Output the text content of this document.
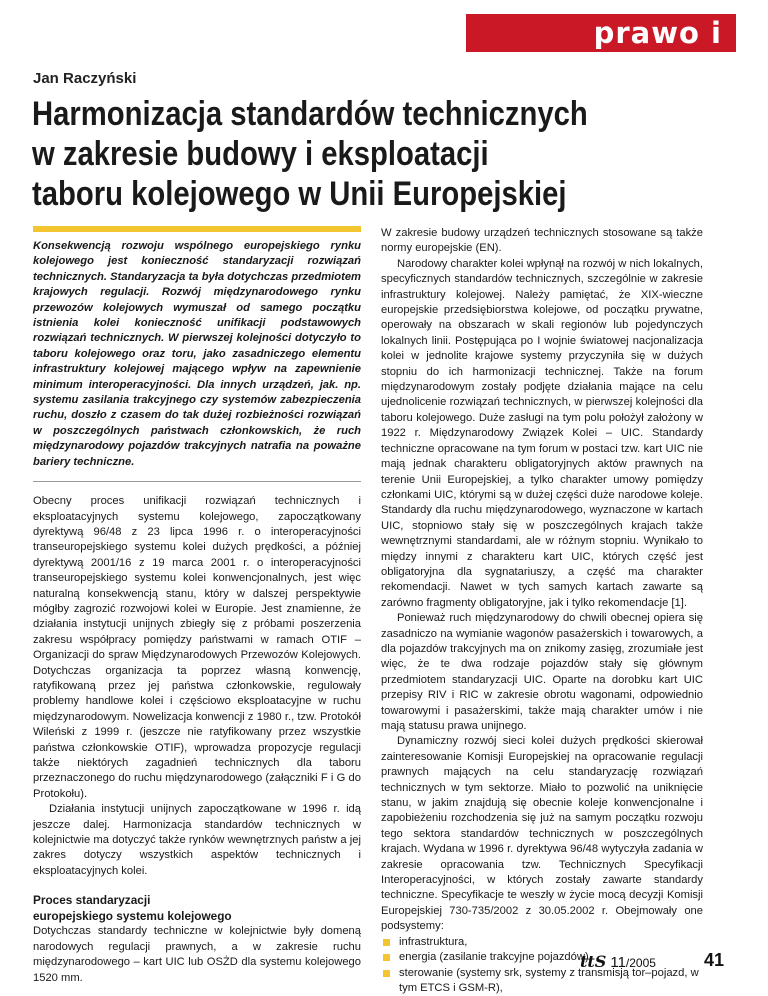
prawo i finanse
Jan Raczyński
Harmonizacja standardów technicznych
w zakresie budowy i eksploatacji
taboru kolejowego w Unii Europejskiej

Konsekwencją rozwoju wspólnego europejskiego rynku kolejowego jest konieczność standaryzacji rozwiązań technicznych. Standaryzacja ta była dotychczas przedmiotem krajowych regulacji. Rozwój międzynarodowego rynku przewozów kolejowych wymuszał od samego początku istnienia kolei konieczność unifikacji podstawowych rozwiązań technicznych. W pierwszej kolejności dotyczyło to taboru kolejowego oraz toru, jako zasadniczego elementu infrastruktury kolejowej mającego wpływ na zapewnienie minimum interoperacyjności. Dla innych urządzeń, jak. np. systemu zasilania trakcyjnego czy systemów zabezpieczenia ruchu, doszło z czasem do tak dużej rozbieżności rozwiązań w poszczególnych państwach członkowskich, że ruch międzynarodowy pojazdów trakcyjnych natrafia na poważne bariery techniczne.

Obecny proces unifikacji rozwiązań technicznych i eksploatacyjnych systemu kolejowego, zapoczątkowany dyrektywą 96/48 z 23 lipca 1996 r. o interoperacyjności transeuropejskiego systemu kolei dużych prędkości, a później dyrektywą 2001/16 z 19 marca 2001 r. o interoperacyjności transeuropejskiego systemu kolei konwencjonalnych, jest więc naturalną konsekwencją stanu, który w dalszej perspektywie mógłby zagrozić rozwojowi kolei w Europie. Jest znamienne, że działania instytucji unijnych zbiegły się z próbami poszerzenia zakresu współpracy pomiędzy państwami w ramach OTIF – Organizacji do spraw Międzynarodowych Przewozów Kolejowych. Dotychczas organizacja ta poprzez własną konwencję, ratyfikowaną przez jej państwa członkowskie, regulowały problemy handlowe kolei i częściowo eksploatacyjne w ruchu międzynarodowym. Nowelizacja konwencji z 1980 r., tzw. Protokół Wileński z 1999 r. (jeszcze nie ratyfikowany przez wszystkie państwa członkowskie OTIF), wprowadza propozycje regulacji także niektórych zagadnień technicznych dla taboru przeznaczonego do ruchu międzynarodowego (załączniki F i G do Protokołu).

Działania instytucji unijnych zapoczątkowane w 1996 r. idą jeszcze dalej. Harmonizacja standardów technicznych w kolejnictwie ma dotyczyć także rynków wewnętrznych państw a jej zakres dotyczy wszystkich aspektów technicznych i eksploatacyjnych kolei.

Proces standaryzacji
europejskiego systemu kolejowego

Dotychczas standardy techniczne w kolejnictwie były domeną narodowych regulacji prawnych, a w zakresie ruchu międzynarodowego – kart UIC lub OSŻD dla systemu kolejowego 1520 mm.

W zakresie budowy urządzeń technicznych stosowane są także normy europejskie (EN).

Narodowy charakter kolei wpłynął na rozwój w nich lokalnych, specyficznych standardów technicznych, szczególnie w zakresie infrastruktury kolejowej. Należy pamiętać, że XIX-wieczne europejskie przedsiębiorstwa kolejowe, od początku prywatne, operowały na obszarach w skali regionów lub pojedynczych lokalnych linii. Postępująca po I wojnie światowej nacjonalizacja kolei w jednolite krajowe systemy przyczyniła się w dużych stopniu do ich harmonizacji technicznej. Także na forum międzynarodowym zostały podjęte działania mające na celu ujednolicenie rozwiązań technicznych, w pierwszej kolejności dla taboru kolejowego. Duże zasługi na tym polu położył założony w 1922 r. Międzynarodowy Związek Kolei – UIC. Standardy techniczne opracowane na tym forum w postaci tzw. kart UIC nie mają jednak charakteru obligatoryjnych aktów prawnych na terenie Unii Europejskiej, a tylko charakter umowy pomiędzy członkami UIC, którymi są w dużej części duże narodowe koleje. Standardy dla ruchu międzynarodowego, wyznaczone w kartach UIC, stopniowo stały się w poszczególnych krajach także wewnętrznymi standardami, ale w różnym stopniu. Wynikało to między innymi z charakteru kart UIC, których część jest obligatoryjna dla sygnatariuszy, a część ma charakter rekomendacji. Nawet w tych samych kartach zawarte są zarówno fragmenty obligatoryjne, jak i tylko rekomendacje [1].

Ponieważ ruch międzynarodowy do chwili obecnej opiera się zasadniczo na wymianie wagonów pasażerskich i towarowych, a dla pojazdów trakcyjnych ma on znikomy zasięg, zrozumiałe jest więc, że te dwa rodzaje pojazdów stały się głównym przedmiotem standaryzacji UIC. Oparte na dorobku kart UIC przepisy RIV i RIC w zakresie obrotu wagonami, odpowiednio towarowymi i pasażerskimi, także mają charakter umów i nie mają statusu prawa unijnego.

Dynamiczny rozwój sieci kolei dużych prędkości skierował zainteresowanie Komisji Europejskiej na opracowanie regulacji prawnych mających na celu standaryzację rozwiązań technicznych w tym sektorze. Miało to pozwolić na uniknięcie stanu, w jakim znajdują się obecnie koleje konwencjonalne i zapobieżeniu rozchodzenia się już na samym początku rozwoju tego sektora standardów technicznych w poszczególnych krajach. Wydana w 1996 r. dyrektywa 96/48 wytyczyła zadania w zakresie opracowania tzw. Technicznych Specyfikacji Interoperacyjności, w których zostały zawarte standardy techniczne. Specyfikacje te weszły w życie mocą decyzji Komisji Europejskiej 730-735/2002 z 30.05.2002 r. Obejmowały one podsystemy:

infrastruktura,
energia (zasilanie trakcyjne pojazdów),
sterowanie (systemy srk, systemy z transmisją tor–pojazd, w tym ETCS i GSM-R),
ttS 11/2005	41
